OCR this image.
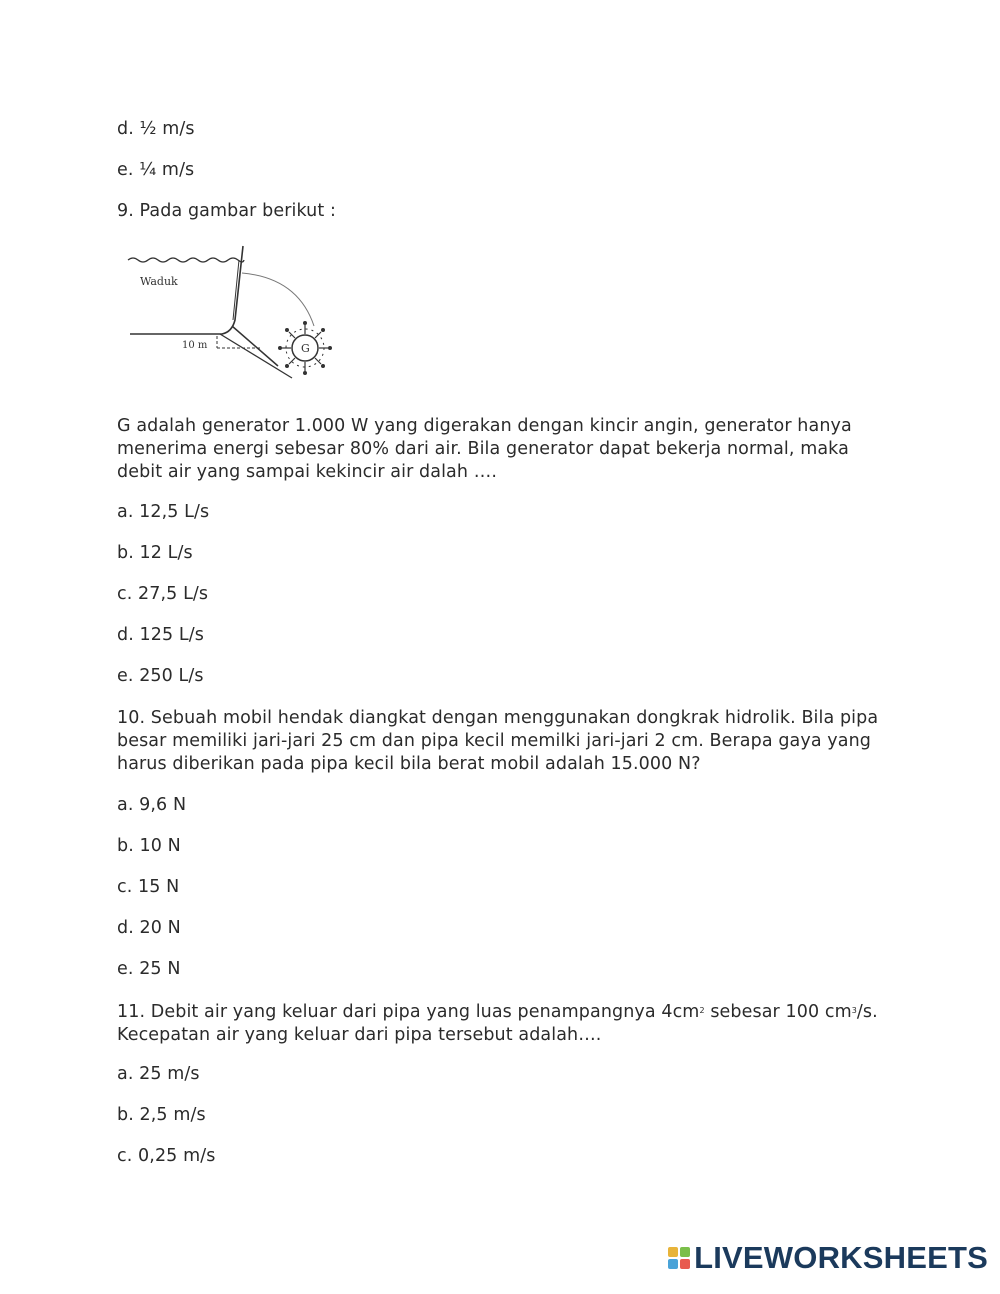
d. ½ m/s
e. ¼ m/s
9. Pada gambar berikut :
10 m
Waduk
G
G adalah generator 1.000 W yang digerakan dengan kincir angin, generator hanya
menerima energi sebesar 80% dari air. Bila generator dapat bekerja normal, maka
debit air yang sampai kekincir air dalah ….
a. 12,5 L/s
b. 12 L/s
c. 27,5 L/s
d. 125 L/s
e. 250 L/s
10. Sebuah mobil hendak diangkat dengan menggunakan dongkrak hidrolik. Bila pipa
besar memiliki jari-jari 25 cm dan pipa kecil memilki jari-jari 2 cm. Berapa gaya yang
harus diberikan pada pipa kecil bila berat mobil adalah 15.000 N?
a. 9,6 N
b. 10 N
c. 15 N
d. 20 N
e. 25 N
11. Debit air yang keluar dari pipa yang luas penampangnya $4cm^2$ sebesar 100 $cm^3/s$.
Kecepatan air yang keluar dari pipa tersebut adalah….
a. 25 m/s
b. 2,5 m/s
c. 0,25 m/s
LIVEWORKSHEETS
